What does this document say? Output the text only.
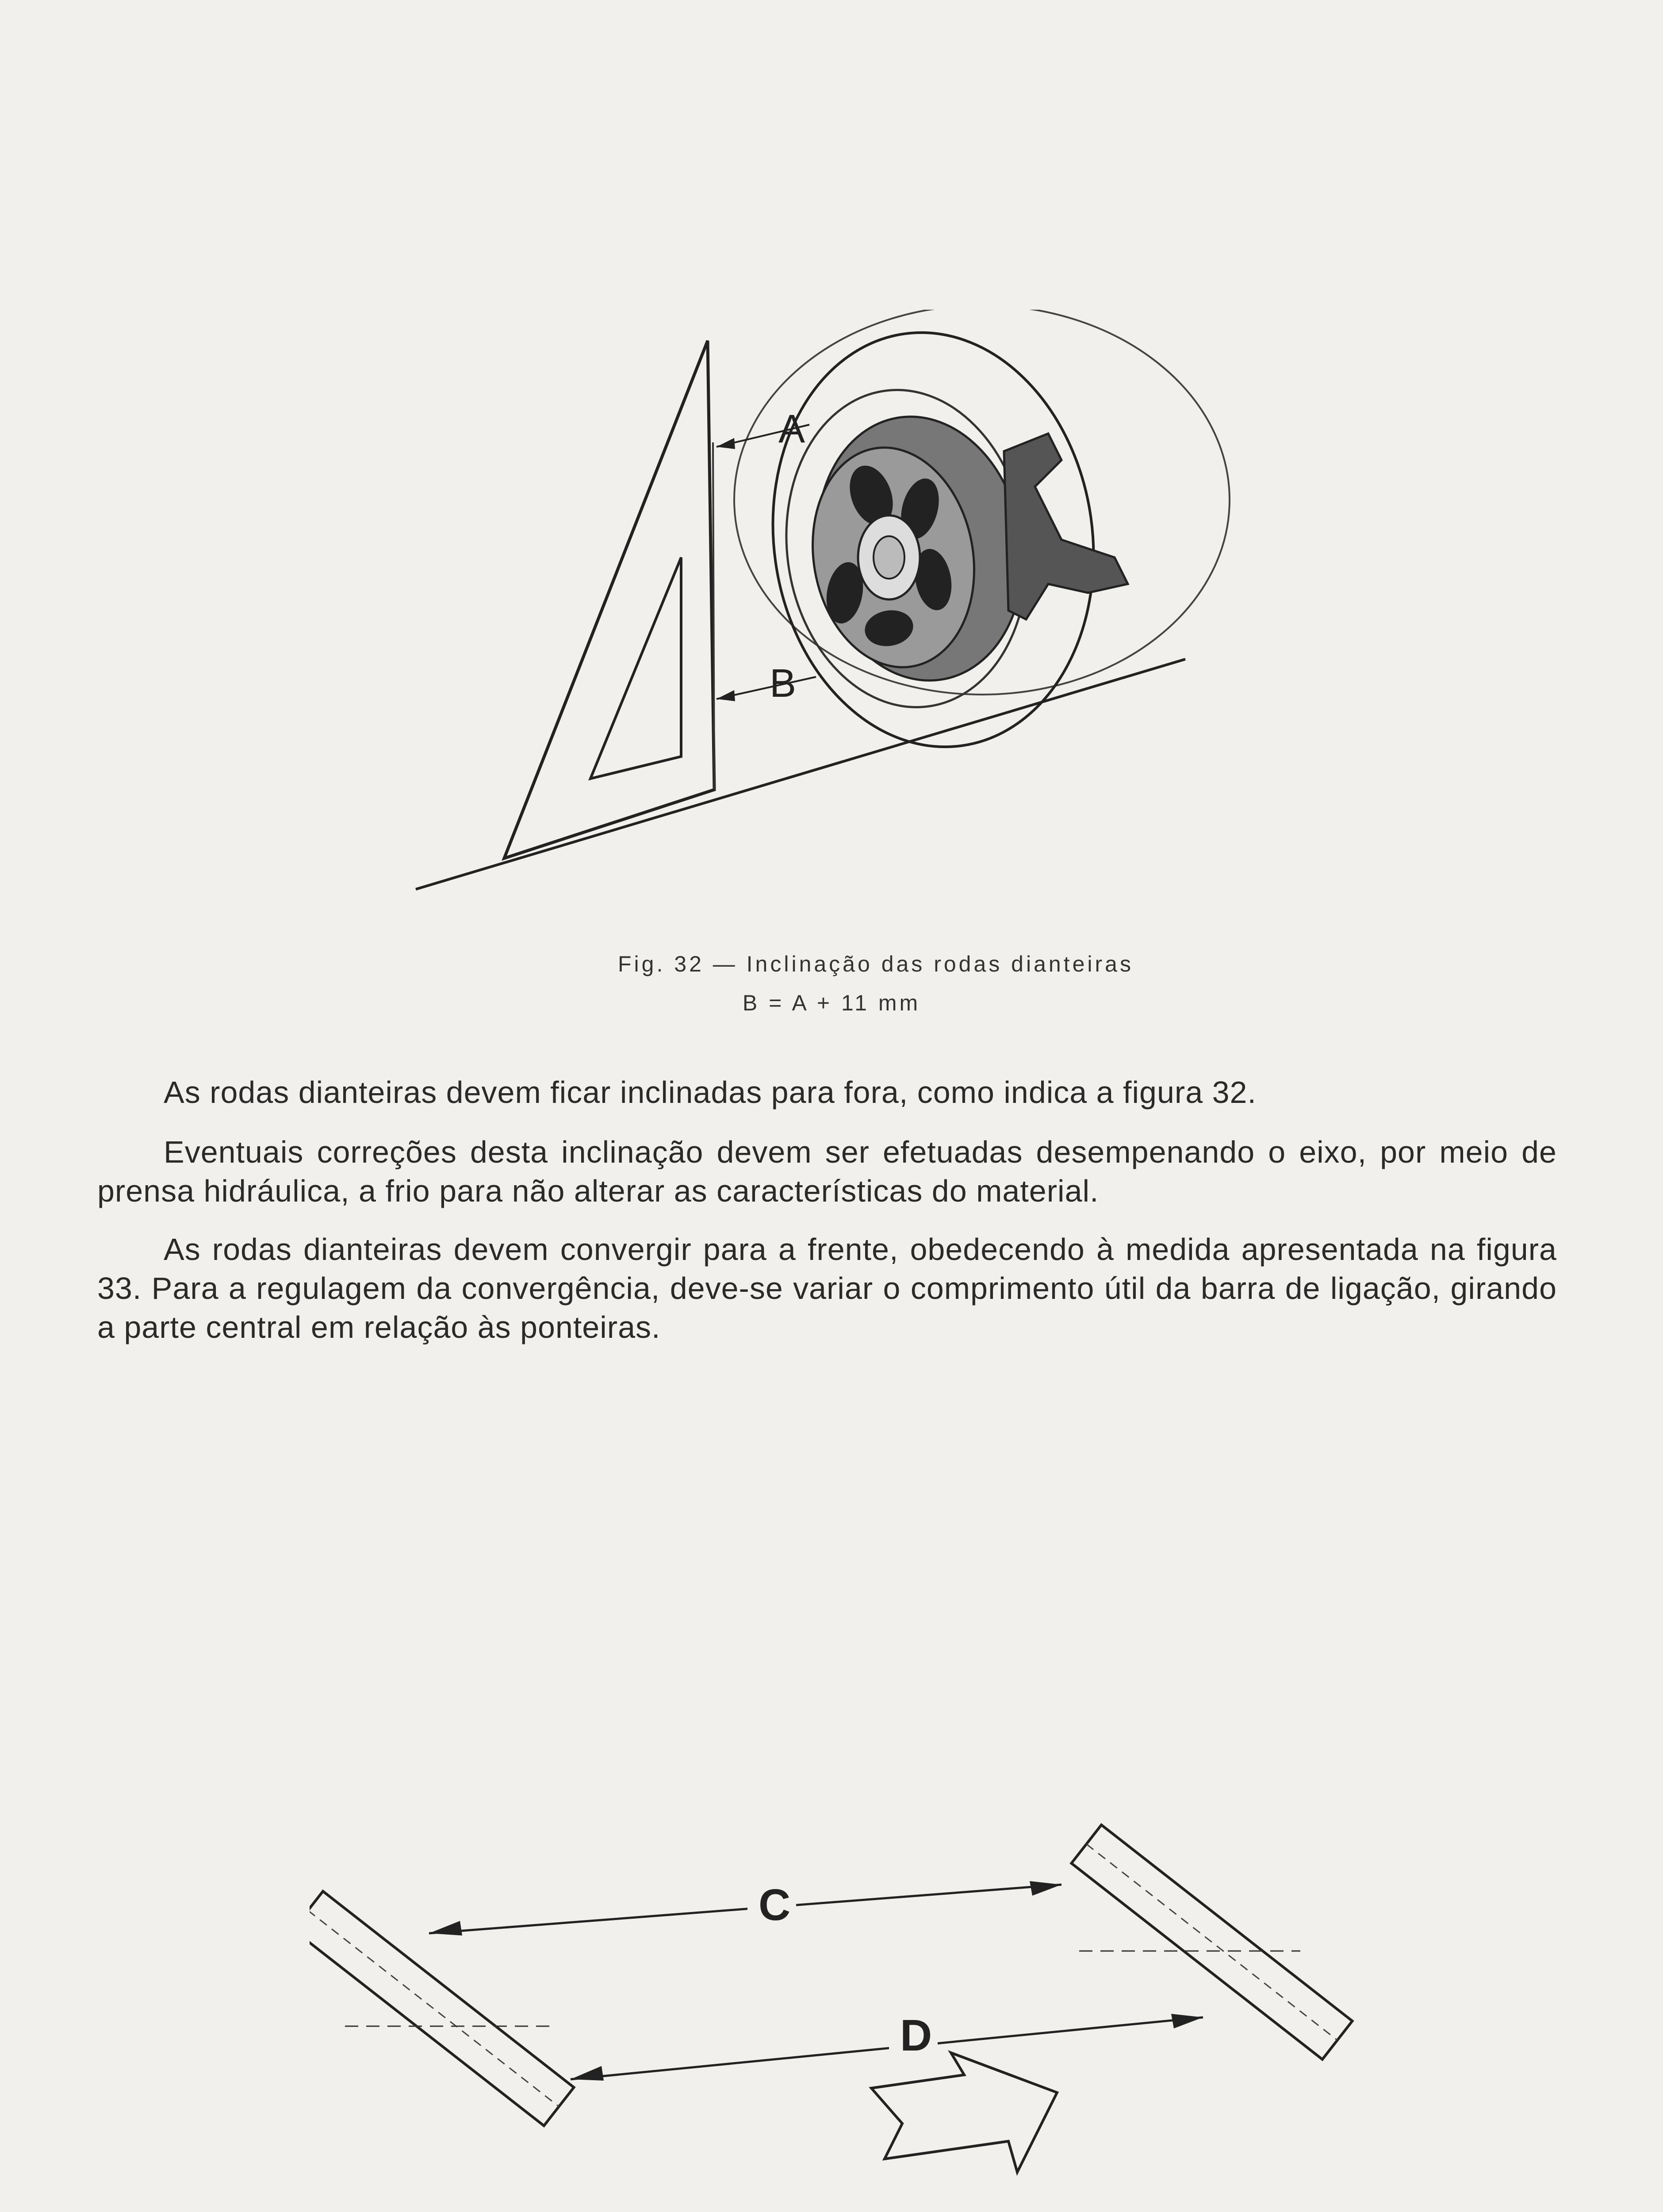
A
B
Fig. 32 — Inclinação das rodas dianteiras
B = A + 11 mm

As rodas dianteiras devem ficar inclinadas para fora, como indica a figura 32.

Eventuais correções desta inclinação devem ser efetuadas desempenando o eixo, por meio de prensa hidráulica, a frio para não alterar as características do material.

As rodas dianteiras devem convergir para a frente, obedecendo à medida apresentada na figura 33. Para a regulagem da convergência, deve-se variar o comprimento útil da barra de ligação, girando a parte central em relação às ponteiras.

C
D
